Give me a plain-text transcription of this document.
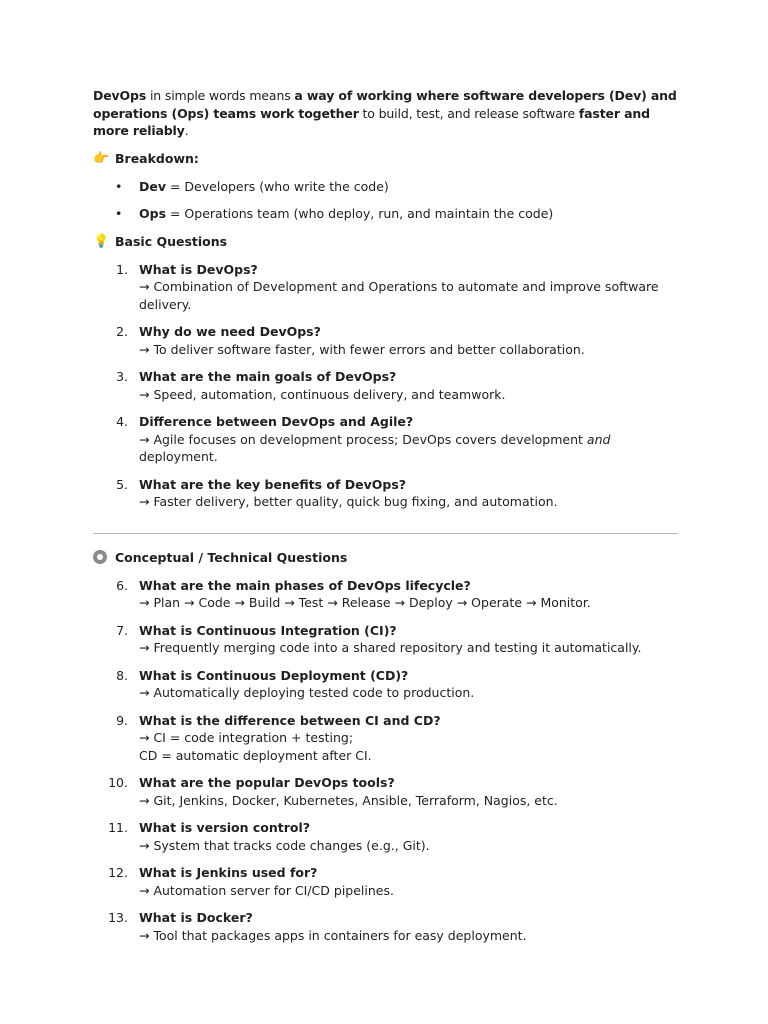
DevOps in simple words means a way of working where software developers (Dev) and operations (Ops) teams work together to build, test, and release software faster and more reliably.

👉 Breakdown:
• Dev = Developers (who write the code)
• Ops = Operations team (who deploy, run, and maintain the code)
💡 Basic Questions
1. What is DevOps?
→ Combination of Development and Operations to automate and improve software delivery.
2. Why do we need DevOps?
→ To deliver software faster, with fewer errors and better collaboration.
3. What are the main goals of DevOps?
→ Speed, automation, continuous delivery, and teamwork.
4. Difference between DevOps and Agile?
→ Agile focuses on development process; DevOps covers development and deployment.
5. What are the key benefits of DevOps?
→ Faster delivery, better quality, quick bug fixing, and automation.
Conceptual / Technical Questions
6. What are the main phases of DevOps lifecycle?
→ Plan → Code → Build → Test → Release → Deploy → Operate → Monitor.
7. What is Continuous Integration (CI)?
→ Frequently merging code into a shared repository and testing it automatically.
8. What is Continuous Deployment (CD)?
→ Automatically deploying tested code to production.
9. What is the difference between CI and CD?
→ CI = code integration + testing;
CD = automatic deployment after CI.
10. What are the popular DevOps tools?
→ Git, Jenkins, Docker, Kubernetes, Ansible, Terraform, Nagios, etc.
11. What is version control?
→ System that tracks code changes (e.g., Git).
12. What is Jenkins used for?
→ Automation server for CI/CD pipelines.
13. What is Docker?
→ Tool that packages apps in containers for easy deployment.
